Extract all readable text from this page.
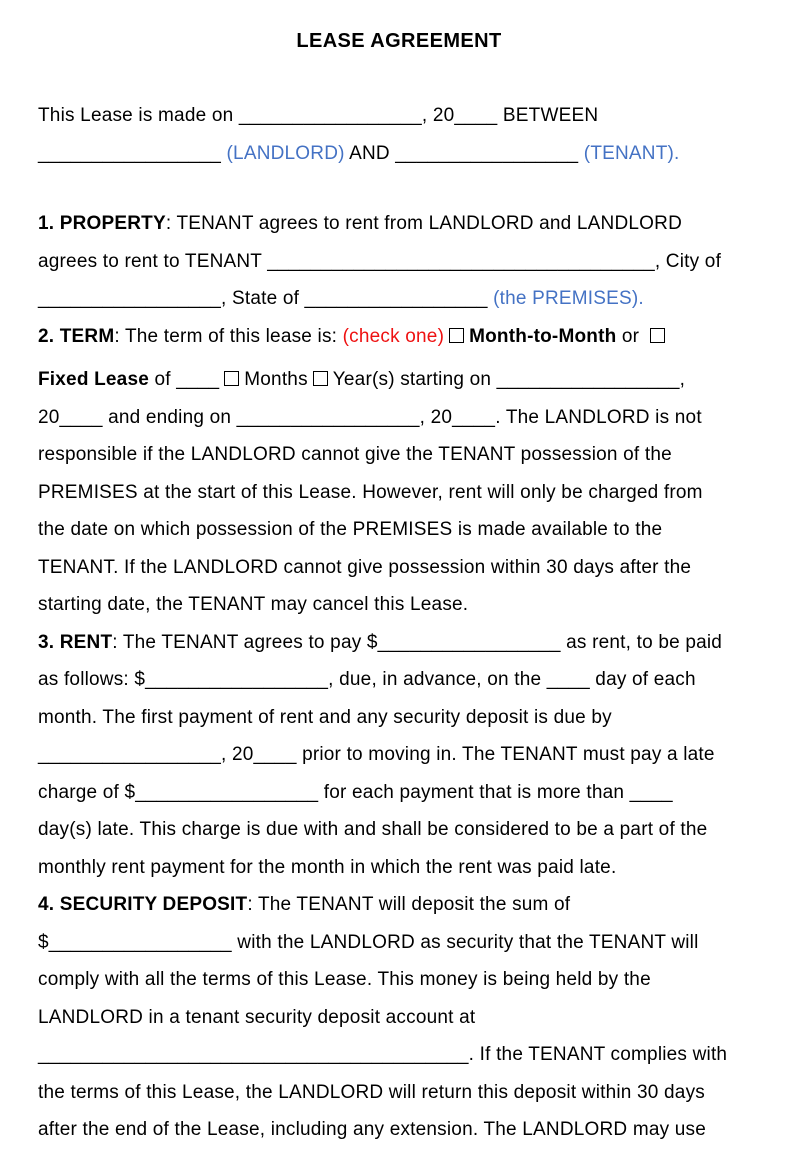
LEASE AGREEMENT
This Lease is made on _________________, 20____ BETWEEN
_________________ (LANDLORD) AND _________________ (TENANT).
1. PROPERTY: TENANT agrees to rent from LANDLORD and LANDLORD
agrees to rent to TENANT ____________________________________, City of
_________________, State of _________________ (the PREMISES).
2. TERM: The term of this lease is: (check one) Month-to-Month or
Fixed Lease of ____ Months Year(s) starting on _________________,
20____ and ending on _________________, 20____. The LANDLORD is not
responsible if the LANDLORD cannot give the TENANT possession of the
PREMISES at the start of this Lease. However, rent will only be charged from
the date on which possession of the PREMISES is made available to the
TENANT. If the LANDLORD cannot give possession within 30 days after the
starting date, the TENANT may cancel this Lease.
3. RENT: The TENANT agrees to pay $_________________ as rent, to be paid
as follows: $_________________, due, in advance, on the ____ day of each
month. The first payment of rent and any security deposit is due by
_________________, 20____ prior to moving in. The TENANT must pay a late
charge of $_________________ for each payment that is more than ____
day(s) late. This charge is due with and shall be considered to be a part of the
monthly rent payment for the month in which the rent was paid late.
4. SECURITY DEPOSIT: The TENANT will deposit the sum of
$_________________ with the LANDLORD as security that the TENANT will
comply with all the terms of this Lease. This money is being held by the
LANDLORD in a tenant security deposit account at
________________________________________. If the TENANT complies with
the terms of this Lease, the LANDLORD will return this deposit within 30 days
after the end of the Lease, including any extension. The LANDLORD may use
